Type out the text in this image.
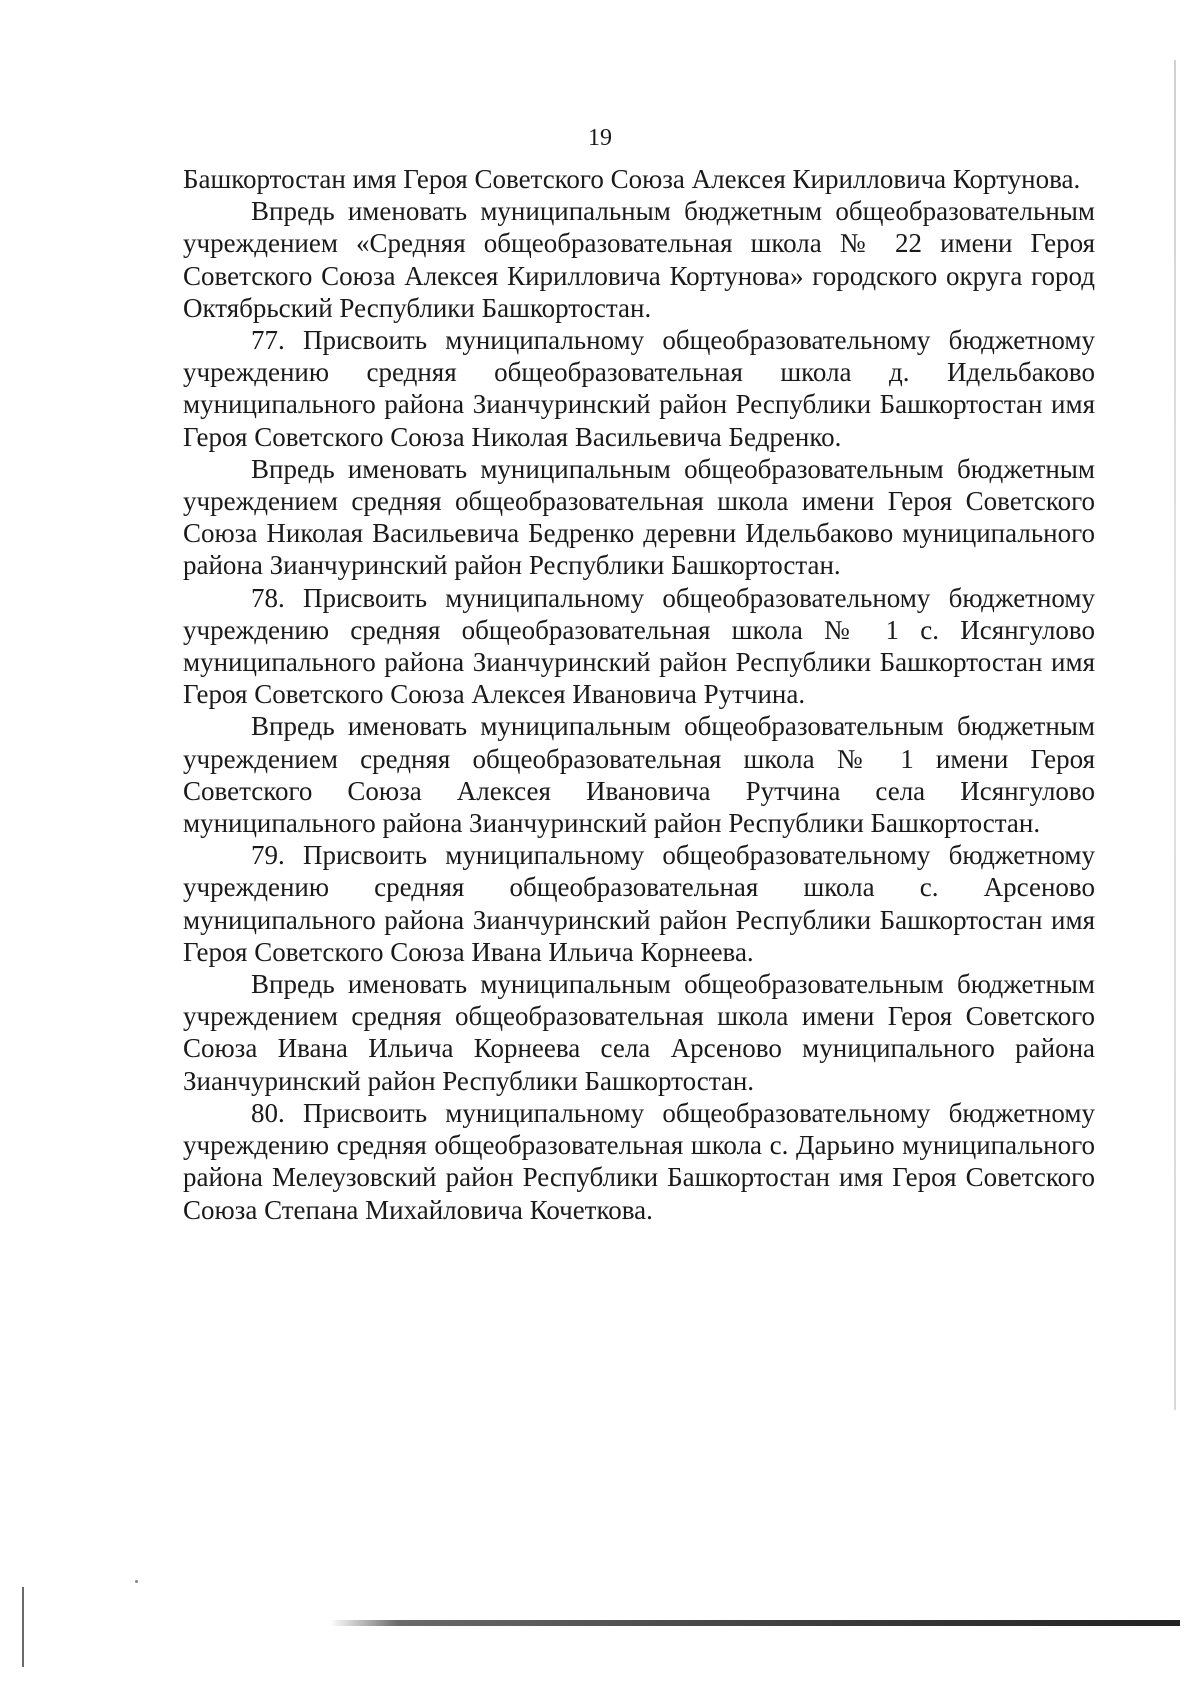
19

Башкортостан имя Героя Советского Союза Алексея Кирилловича Кортунова.

Впредь именовать муниципальным бюджетным общеобразовательным учреждением «Средняя общеобразовательная школа № 22 имени Героя Советского Союза Алексея Кирилловича Кортунова» городского округа город Октябрьский Республики Башкортостан.

77. Присвоить муниципальному общеобразовательному бюджетному учреждению средняя общеобразовательная школа д. Идельбаково муниципального района Зианчуринский район Республики Башкортостан имя Героя Советского Союза Николая Васильевича Бедренко.

Впредь именовать муниципальным общеобразовательным бюджетным учреждением средняя общеобразовательная школа имени Героя Советского Союза Николая Васильевича Бедренко деревни Идельбаково муниципального района Зианчуринский район Республики Башкортостан.

78. Присвоить муниципальному общеобразовательному бюджетному учреждению средняя общеобразовательная школа № 1 с. Исянгулово муниципального района Зианчуринский район Республики Башкортостан имя Героя Советского Союза Алексея Ивановича Рутчина.

Впредь именовать муниципальным общеобразовательным бюджетным учреждением средняя общеобразовательная школа № 1 имени Героя Советского Союза Алексея Ивановича Рутчина села Исянгулово муниципального района Зианчуринский район Республики Башкортостан.

79. Присвоить муниципальному общеобразовательному бюджетному учреждению средняя общеобразовательная школа с. Арсеново муниципального района Зианчуринский район Республики Башкортостан имя Героя Советского Союза Ивана Ильича Корнеева.

Впредь именовать муниципальным общеобразовательным бюджетным учреждением средняя общеобразовательная школа имени Героя Советского Союза Ивана Ильича Корнеева села Арсеново муниципального района Зианчуринский район Республики Башкортостан.

80. Присвоить муниципальному общеобразовательному бюджетному учреждению средняя общеобразовательная школа с. Дарьино муниципального района Мелеузовский район Республики Башкортостан имя Героя Советского Союза Степана Михайловича Кочеткова.
